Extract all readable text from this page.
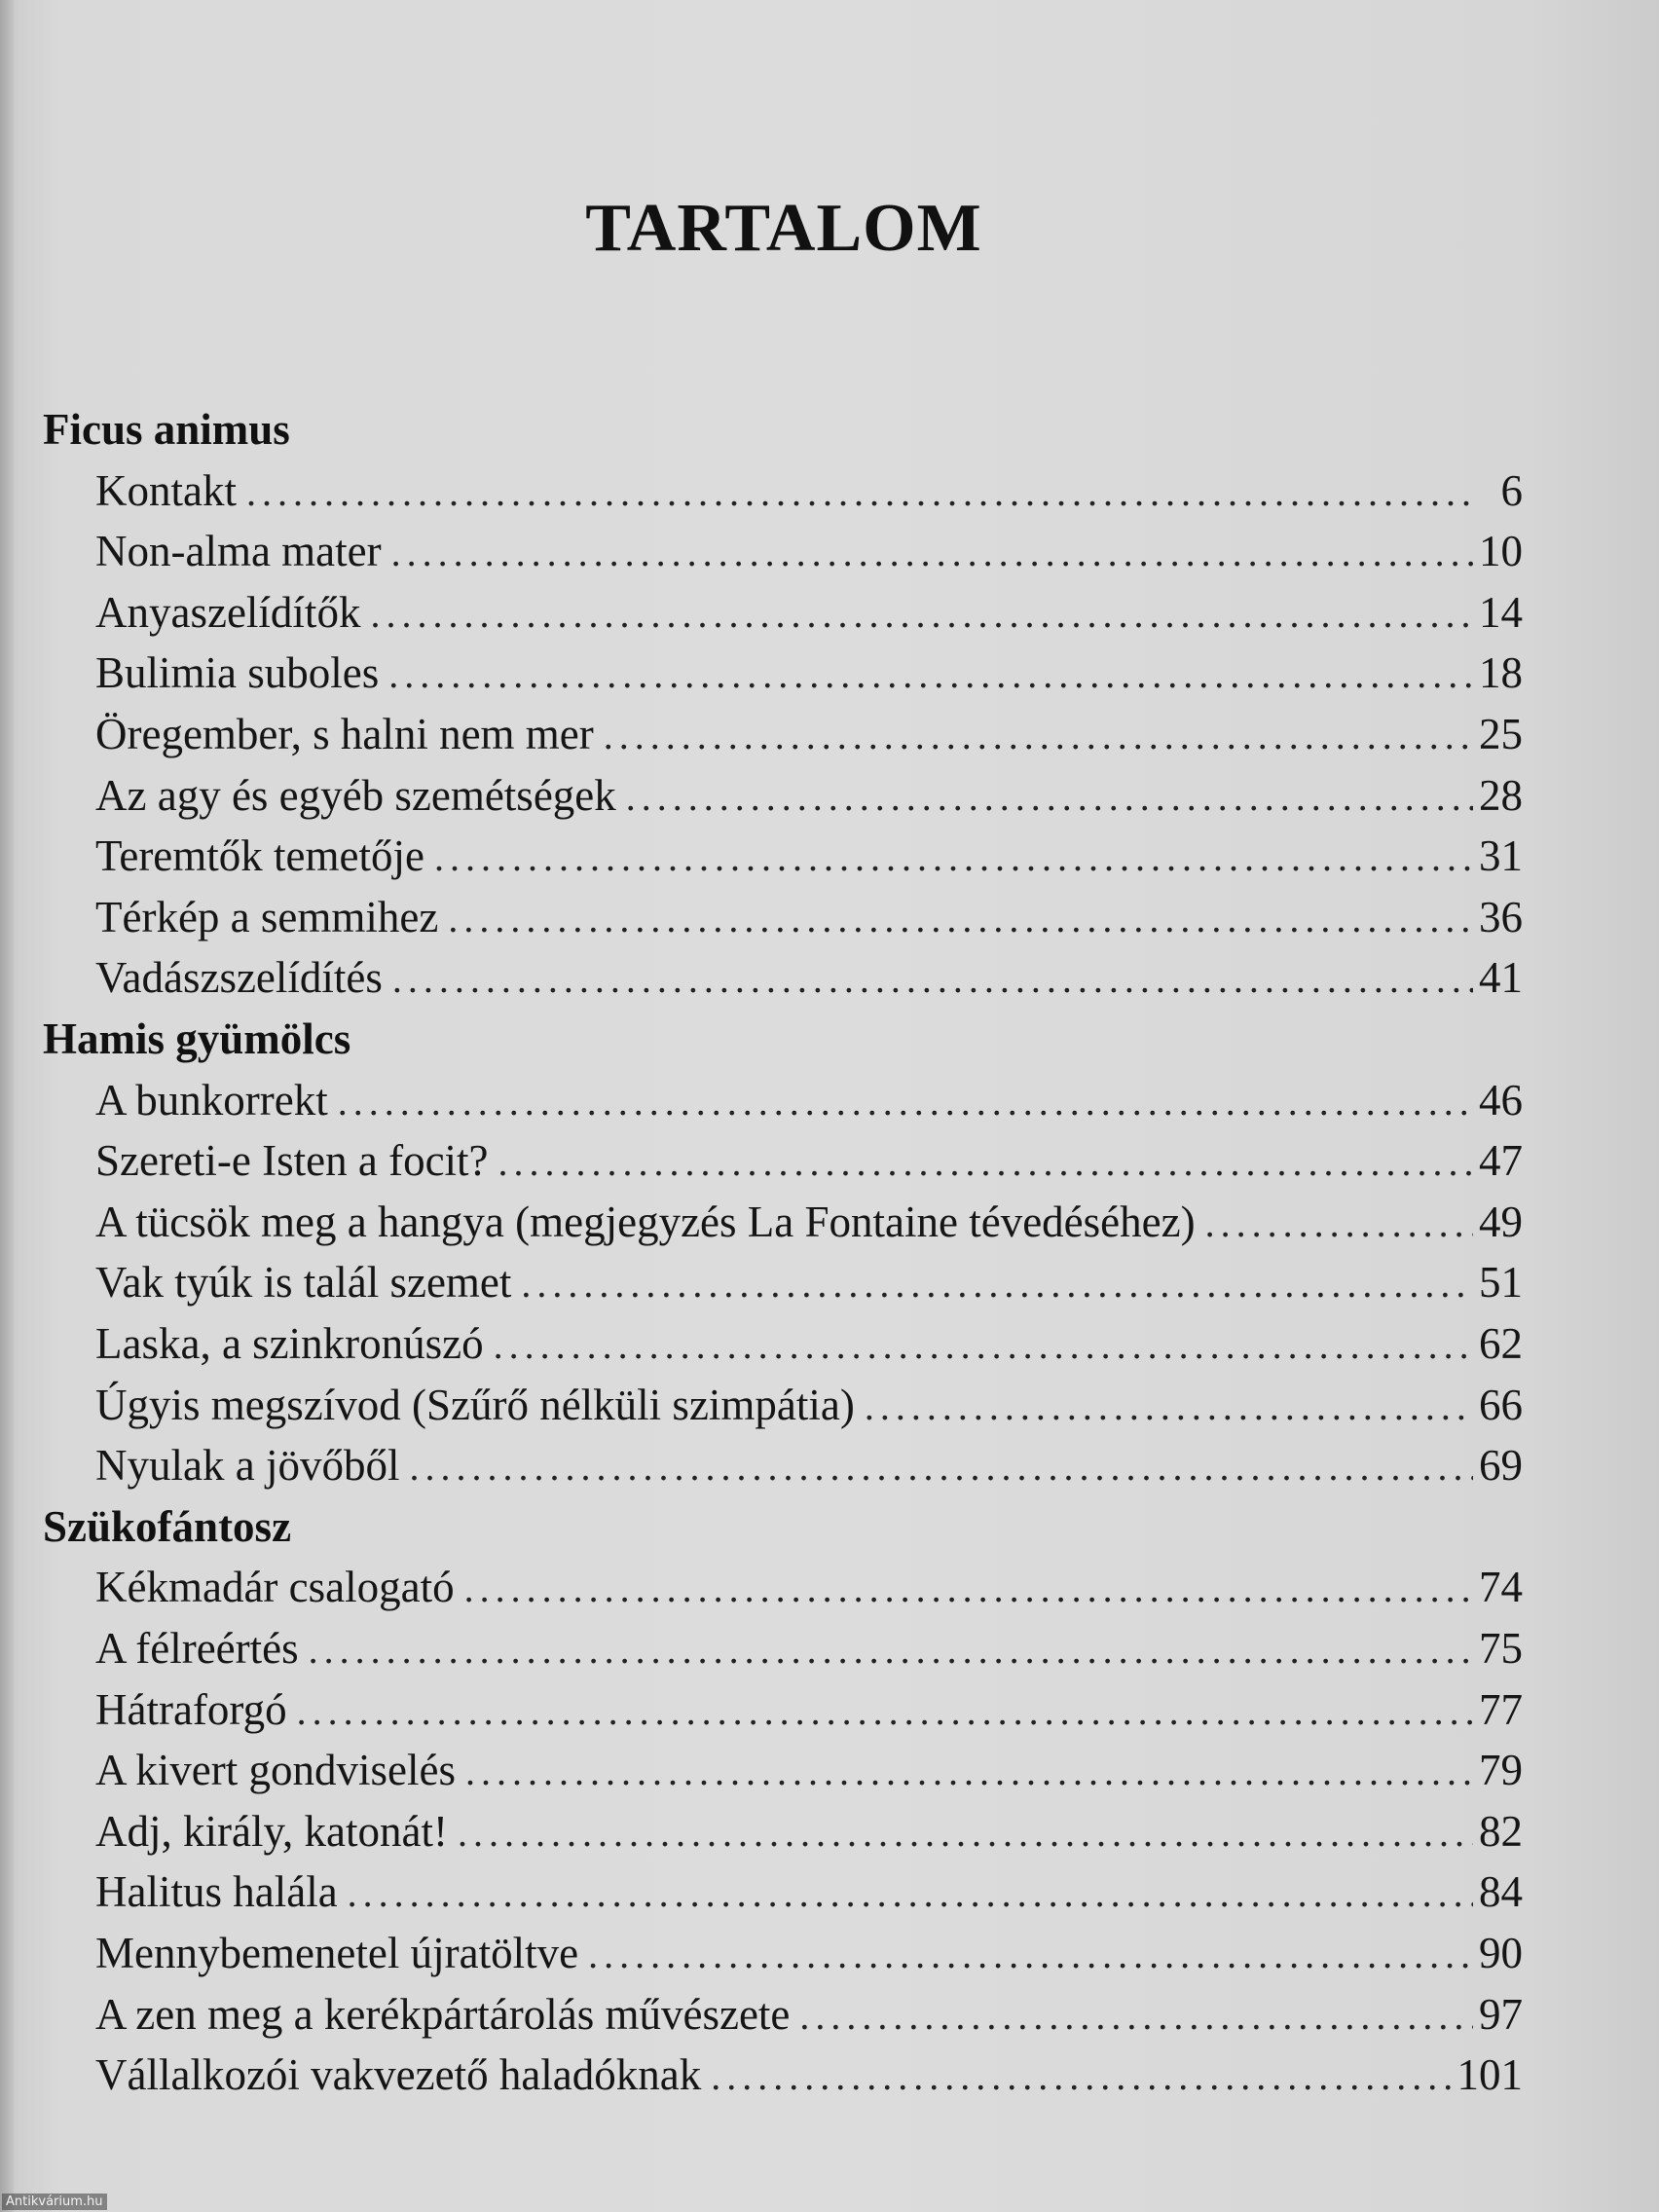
TARTALOM
Ficus animus
Kontakt . . .	6
Non-alma mater . . .	10
Anyaszelídítők . . .	14
Bulimia suboles . . .	18
Öregember, s halni nem mer . . .	25
Az agy és egyéb szemétségek . . .	28
Teremtők temetője . . .	31
Térkép a semmihez . . .	36
Vadászszelídítés . . .	41
Hamis gyümölcs
A bunkorrekt . . .	46
Szereti-e Isten a focit? . . .	47
A tücsök meg a hangya (megjegyzés La Fontaine tévedéséhez) . . .	49
Vak tyúk is talál szemet . . .	51
Laska, a szinkronúszó . . .	62
Úgyis megszívod (Szűrő nélküli szimpátia) . . .	66
Nyulak a jövőből . . .	69
Szükofántosz
Kékmadár csalogató . . .	74
A félreértés . . .	75
Hátraforgó . . .	77
A kivert gondviselés . . .	79
Adj, király, katonát! . . .	82
Halitus halála . . .	84
Mennybemenetel újratöltve . . .	90
A zen meg a kerékpártárolás művészete . . .	97
Vállalkozói vakvezető haladóknak . . .	101
Antikvárium.hu
